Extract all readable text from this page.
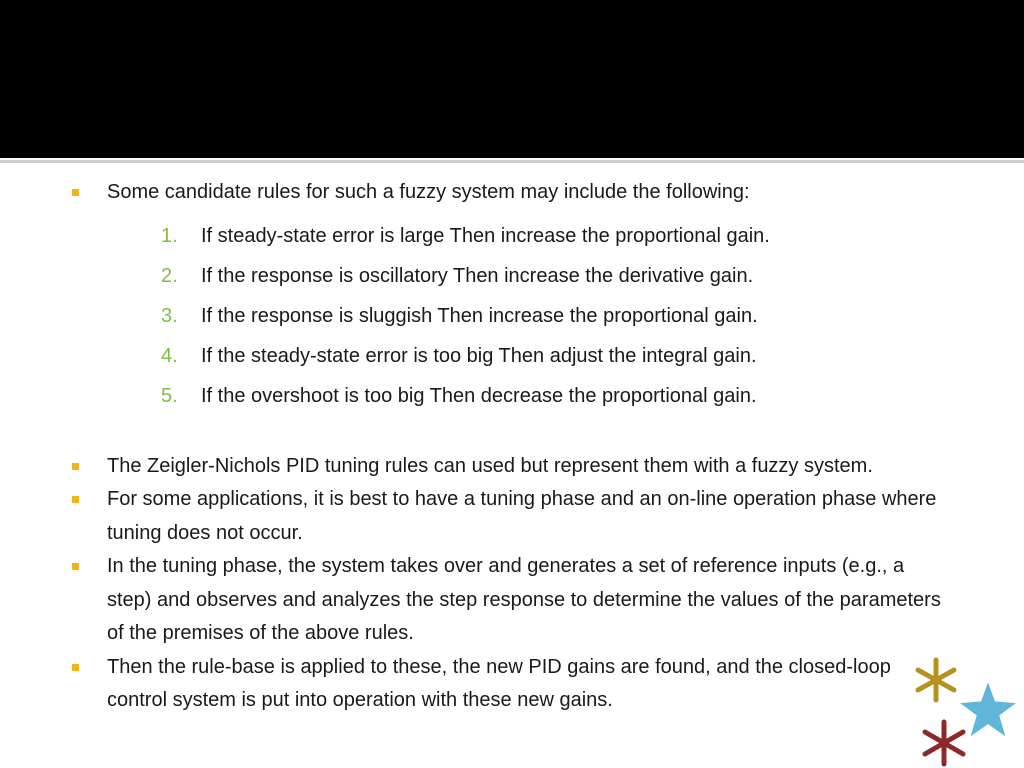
Some candidate rules for such a fuzzy system may include the following:
1. If steady-state error is large Then increase the proportional gain.
2. If the response is oscillatory Then increase the derivative gain.
3. If the response is sluggish Then increase the proportional gain.
4. If the steady-state error is too big Then adjust the integral gain.
5. If the overshoot is too big Then decrease the proportional gain.
The Zeigler-Nichols PID tuning rules can used but represent them with a fuzzy system.
For some applications, it is best to have a tuning phase and an on-line operation phase where tuning does not occur.
In the tuning phase, the system takes over and generates a set of reference inputs (e.g., a step) and observes and analyzes the step response to determine the values of the parameters of the premises of the above rules.
Then the rule-base is applied to these, the new PID gains are found, and the closed-loop control system is put into operation with these new gains.
